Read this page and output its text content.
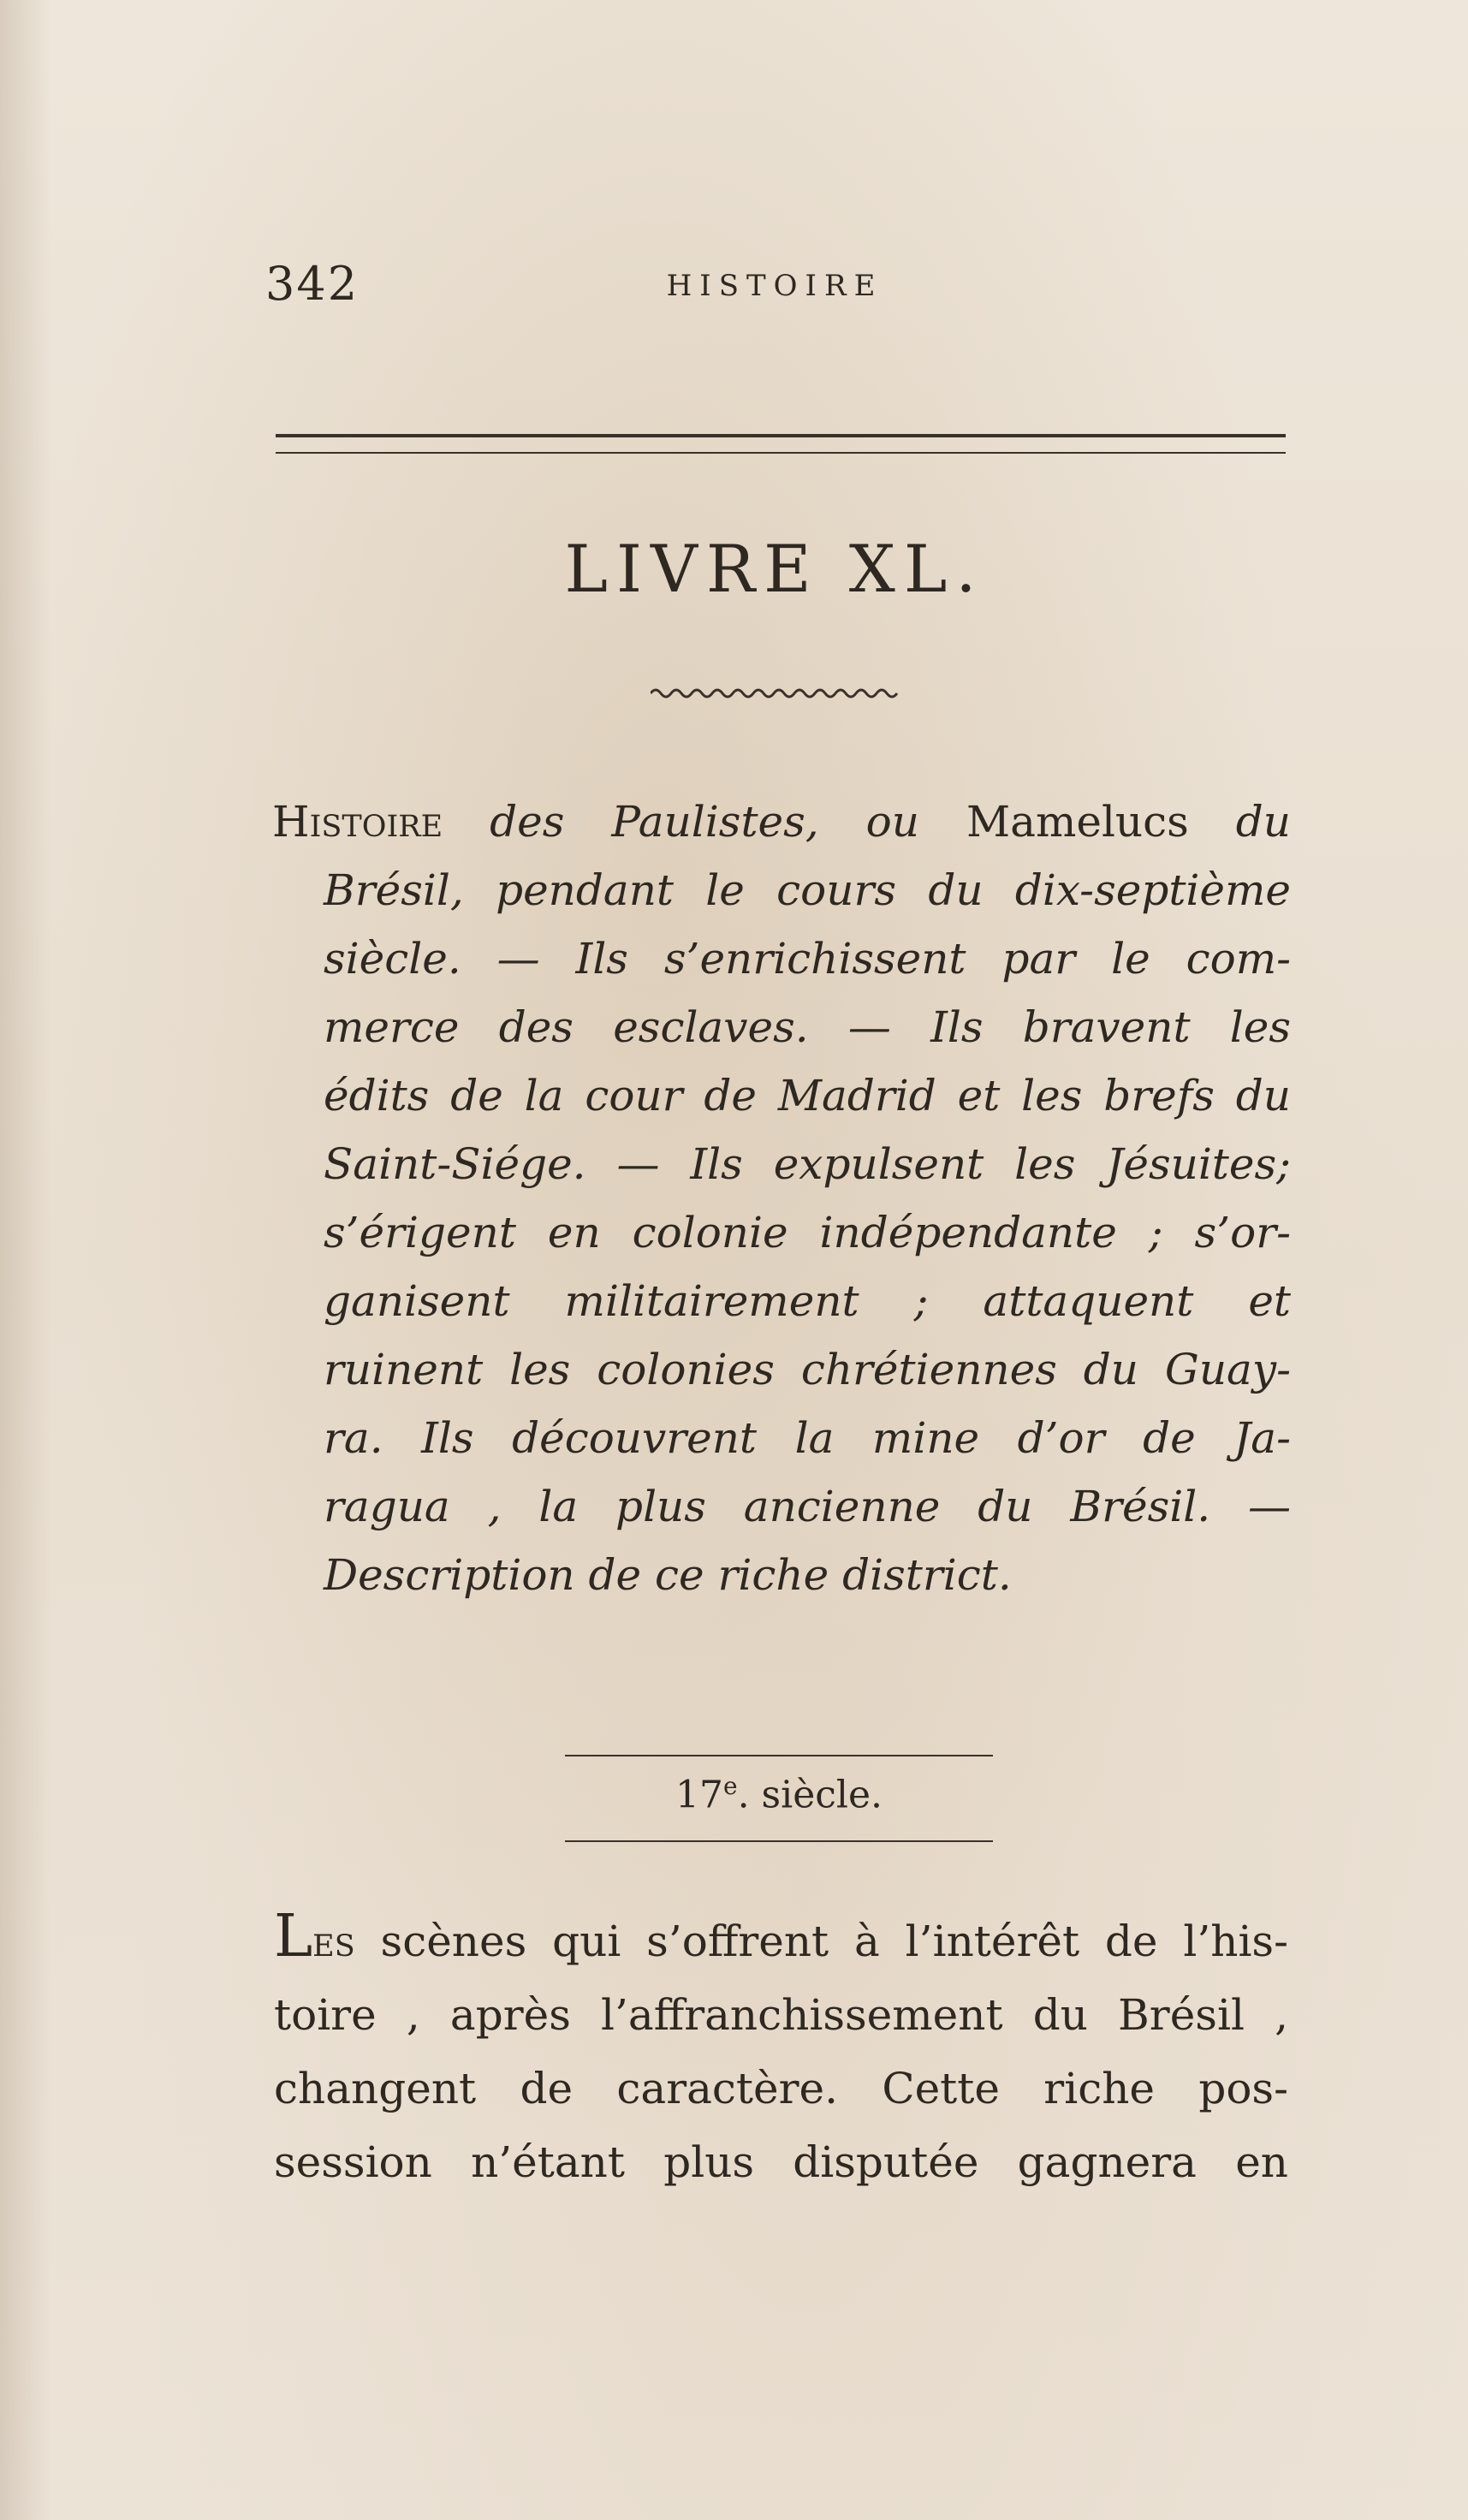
342	HISTOIRE
LIVRE XL.
Histoire des Paulistes, ou Mamelucs du
Brésil, pendant le cours du dix-septième
siècle. — Ils s’enrichissent par le com-
merce des esclaves. — Ils bravent les
édits de la cour de Madrid et les brefs du
Saint-Siége. — Ils expulsent les Jésuites;
s’érigent en colonie indépendante ; s’or-
ganisent militairement ; attaquent et
ruinent les colonies chrétiennes du Guay-
ra. Ils découvrent la mine d’or de Ja-
ragua , la plus ancienne du Brésil. —
Description de ce riche district.
17e. siècle.
Les scènes qui s’offrent à l’intérêt de l’his-
toire , après l’affranchissement du Brésil ,
changent de caractère. Cette riche pos-
session n’étant plus disputée gagnera en
